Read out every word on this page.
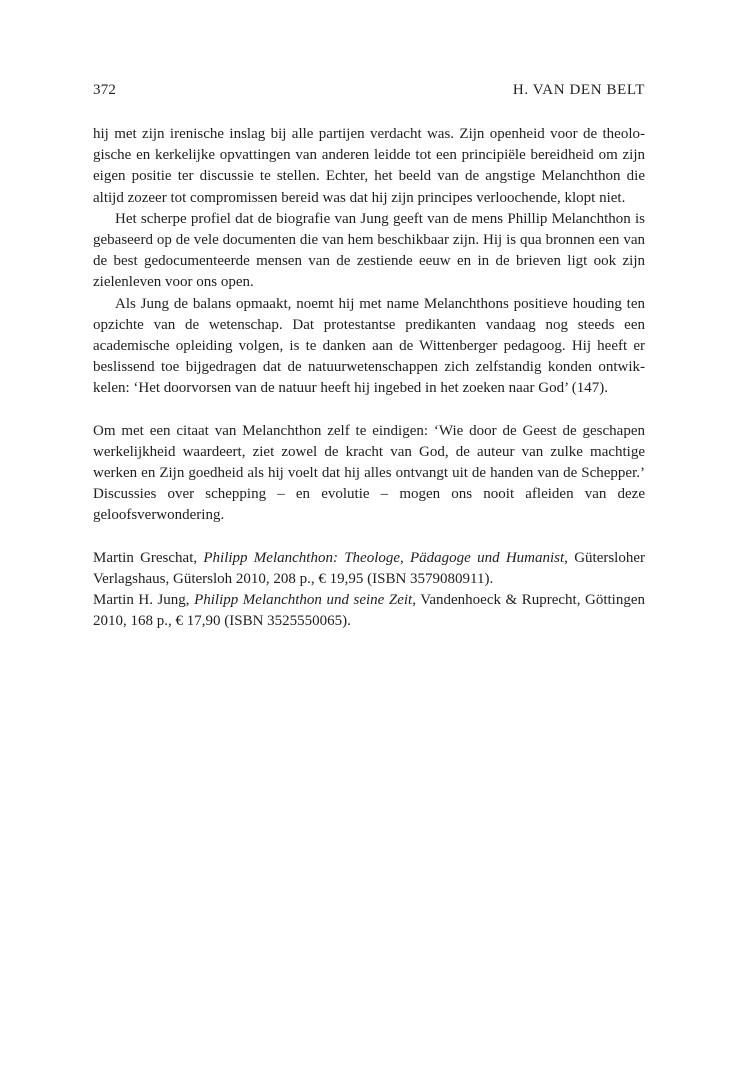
372	H. VAN DEN BELT

hij met zijn irenische inslag bij alle partijen verdacht was. Zijn openheid voor de theologische en kerkelijke opvattingen van anderen leidde tot een principiële bereidheid om zijn eigen positie ter discussie te stellen. Echter, het beeld van de angstige Melanchthon die altijd zozeer tot compromissen bereid was dat hij zijn principes verloochende, klopt niet.

Het scherpe profiel dat de biografie van Jung geeft van de mens Phillip Melanchthon is gebaseerd op de vele documenten die van hem beschikbaar zijn. Hij is qua bronnen een van de best gedocumenteerde mensen van de zestiende eeuw en in de brieven ligt ook zijn zielenleven voor ons open.

Als Jung de balans opmaakt, noemt hij met name Melanchthons positieve houding ten opzichte van de wetenschap. Dat protestantse predikanten vandaag nog steeds een academische opleiding volgen, is te danken aan de Wittenberger pedagoog. Hij heeft er beslissend toe bijgedragen dat de natuurwetenschappen zich zelfstandig konden ontwikkelen: ‘Het doorvorsen van de natuur heeft hij ingebed in het zoeken naar God’ (147).

Om met een citaat van Melanchthon zelf te eindigen: ‘Wie door de Geest de geschapen werkelijkheid waardeert, ziet zowel de kracht van God, de auteur van zulke machtige werken en Zijn goedheid als hij voelt dat hij alles ontvangt uit de handen van de Schepper.’ Discussies over schepping – en evolutie – mogen ons nooit afleiden van deze geloofsverwondering.

Martin Greschat, Philipp Melanchthon: Theologe, Pädagoge und Humanist, Gütersloher Verlagshaus, Gütersloh 2010, 208 p., € 19,95 (ISBN 3579080911).

Martin H. Jung, Philipp Melanchthon und seine Zeit, Vandenhoeck & Ruprecht, Göttingen 2010, 168 p., € 17,90 (ISBN 3525550065).
